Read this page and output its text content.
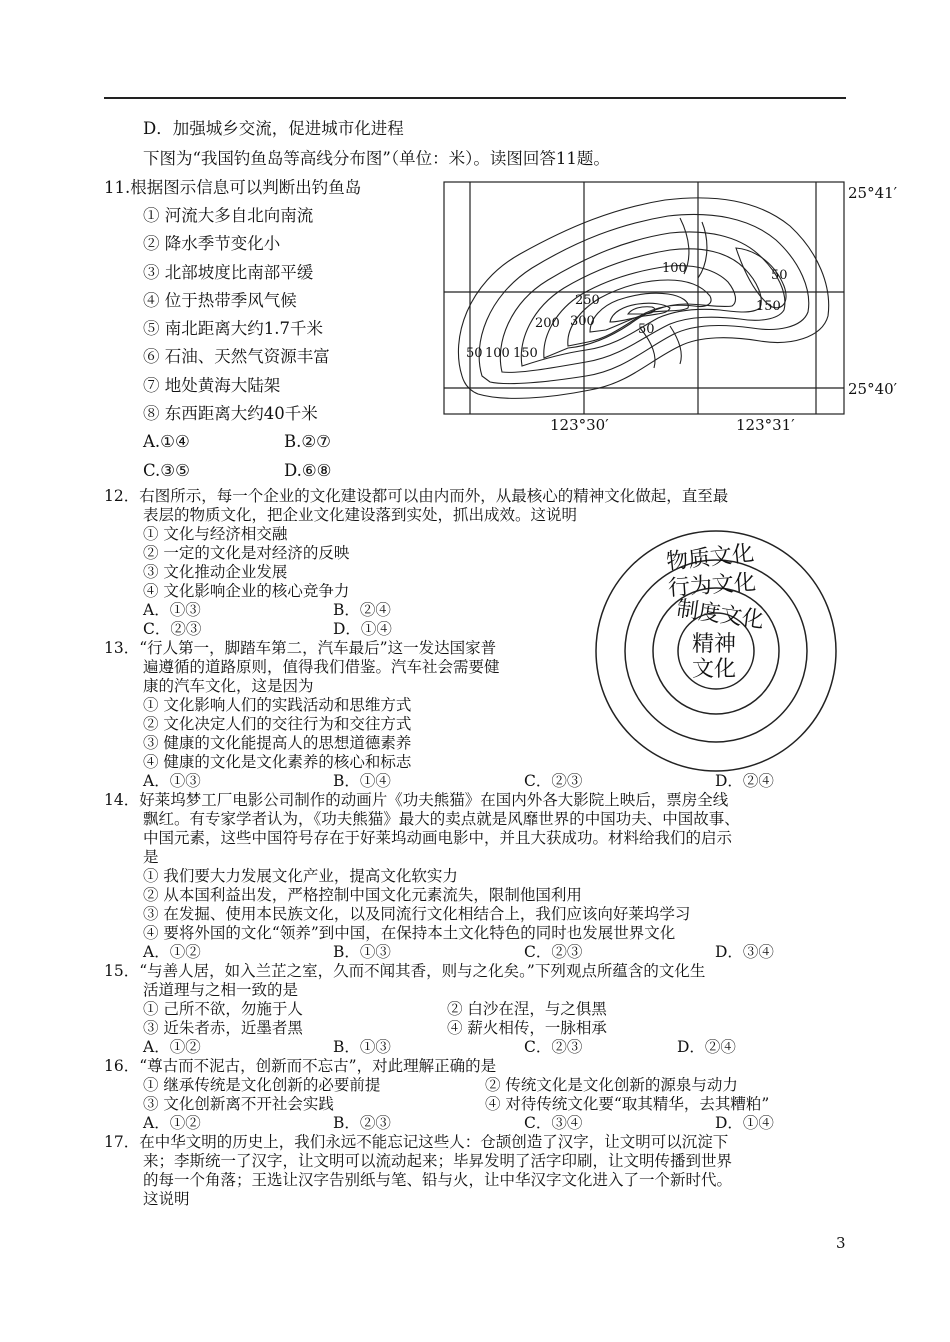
D．加强城乡交流，促进城市化进程
下图为“我国钓鱼岛等高线分布图”（单位：米）。读图回答11题。
11.根据图示信息可以判断出钓鱼岛
① 河流大多自北向南流
② 降水季节变化小
③ 北部坡度比南部平缓
④ 位于热带季风气候
⑤ 南北距离大约1.7千米
⑥ 石油、天然气资源丰富
⑦ 地处黄海大陆架
⑧ 东西距离大约40千米
A.①④	B.②⑦
C.③⑤	D.⑥⑧
100	50
250	150
200 300
50
50 100 150
25°41′
25°40′
123°30′	123°31′
12．右图所示，每一个企业的文化建设都可以由内而外，从最核心的精神文化做起，直至最
表层的物质文化，把企业文化建设落到实处，抓出成效。这说明
① 文化与经济相交融
② 一定的文化是对经济的反映
③ 文化推动企业发展
④ 文化影响企业的核心竞争力
A．①③	B．②④
C．②③	D．①④
物质文化
行为文化
制度文化
精神
文化
13．“行人第一，脚踏车第二，汽车最后”这一发达国家普
遍遵循的道路原则，值得我们借鉴。汽车社会需要健
康的汽车文化，这是因为
① 文化影响人们的实践活动和思维方式
② 文化决定人们的交往行为和交往方式
③ 健康的文化能提高人的思想道德素养
④ 健康的文化是文化素养的核心和标志
A．①③	B．①④	C．②③	D．②④
14．好莱坞梦工厂电影公司制作的动画片《功夫熊猫》在国内外各大影院上映后，票房全线
飘红。有专家学者认为，《功夫熊猫》最大的卖点就是风靡世界的中国功夫、中国故事、
中国元素，这些中国符号存在于好莱坞动画电影中，并且大获成功。材料给我们的启示
是
① 我们要大力发展文化产业，提高文化软实力
② 从本国利益出发，严格控制中国文化元素流失，限制他国利用
③ 在发掘、使用本民族文化，以及同流行文化相结合上，我们应该向好莱坞学习
④ 要将外国的文化“领养”到中国，在保持本土文化特色的同时也发展世界文化
A．①②	B．①③	C．②③	D．③④
15．“与善人居，如入兰芷之室，久而不闻其香，则与之化矣。”下列观点所蕴含的文化生
活道理与之相一致的是
① 己所不欲，勿施于人	② 白沙在涅，与之俱黑
③ 近朱者赤，近墨者黑	④ 薪火相传，一脉相承
A．①②	B．①③	C．②③	D．②④
16．“尊古而不泥古，创新而不忘古”，对此理解正确的是
① 继承传统是文化创新的必要前提	② 传统文化是文化创新的源泉与动力
③ 文化创新离不开社会实践	④ 对待传统文化要“取其精华，去其糟粕”
A．①②	B．②③	C．③④	D．①④
17．在中华文明的历史上，我们永远不能忘记这些人：仓颉创造了汉字，让文明可以沉淀下
来；李斯统一了汉字，让文明可以流动起来；毕昇发明了活字印刷，让文明传播到世界
的每一个角落；王选让汉字告别纸与笔、铅与火，让中华汉字文化进入了一个新时代。
这说明
3
